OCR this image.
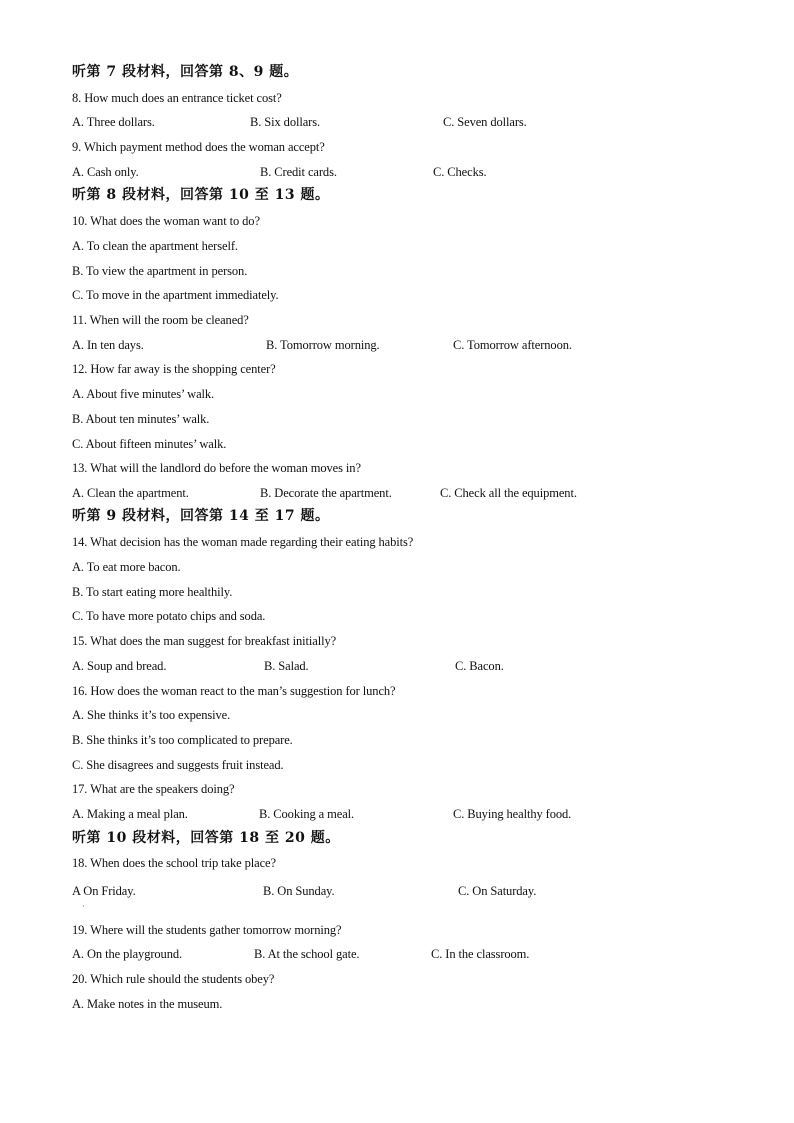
听第 7 段材料，回答第 8、9 题。
8. How much does an entrance ticket cost?
A. Three dollars.	B. Six dollars.	C. Seven dollars.
9. Which payment method does the woman accept?
A. Cash only.	B. Credit cards.	C. Checks.
听第 8 段材料，回答第 10 至 13 题。
10. What does the woman want to do?
A. To clean the apartment herself.
B. To view the apartment in person.
C. To move in the apartment immediately.
11. When will the room be cleaned?
A. In ten days.	B. Tomorrow morning.	C. Tomorrow afternoon.
12. How far away is the shopping center?
A. About five minutes’ walk.
B. About ten minutes’ walk.
C. About fifteen minutes’ walk.
13. What will the landlord do before the woman moves in?
A. Clean the apartment.	B. Decorate the apartment.	C. Check all the equipment.
听第 9 段材料，回答第 14 至 17 题。
14. What decision has the woman made regarding their eating habits?
A. To eat more bacon.
B. To start eating more healthily.
C. To have more potato chips and soda.
15. What does the man suggest for breakfast initially?
A. Soup and bread.	B. Salad.	C. Bacon.
16. How does the woman react to the man’s suggestion for lunch?
A. She thinks it’s too expensive.
B. She thinks it’s too complicated to prepare.
C. She disagrees and suggests fruit instead.
17. What are the speakers doing?
A. Making a meal plan.	B. Cooking a meal.	C. Buying healthy food.
听第 10 段材料，回答第 18 至 20 题。
18. When does the school trip take place?
A On Friday.	B. On Sunday.	C. On Saturday.
·
19. Where will the students gather tomorrow morning?
A. On the playground.	B. At the school gate.	C. In the classroom.
20. Which rule should the students obey?
A. Make notes in the museum.
